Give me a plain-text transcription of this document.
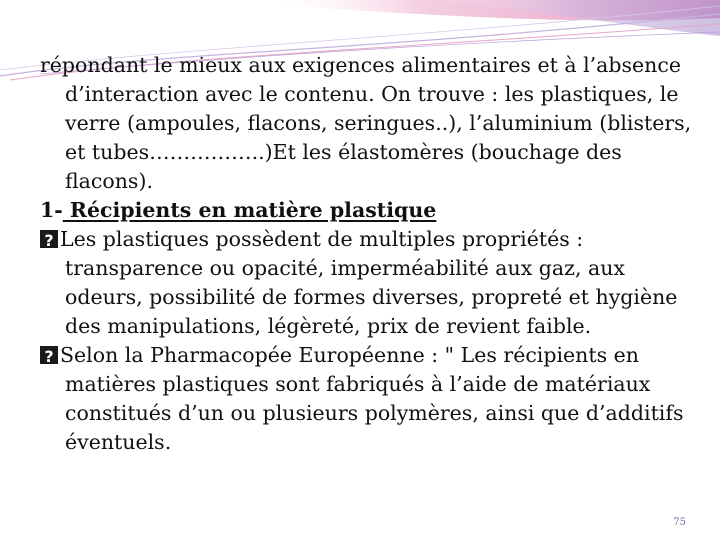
répondant le mieux aux exigences alimentaires et à l’absence d’interaction avec le contenu. On trouve : les plastiques, le verre (ampoules, flacons, seringues..), l’aluminium (blisters, et tubes……………..)Et les élastomères (bouchage des flacons).

1- Récipients en matière plastique

?Les plastiques possèdent de multiples propriétés : transparence ou opacité, imperméabilité aux gaz, aux odeurs, possibilité de formes diverses, propreté et hygiène des manipulations, légèreté, prix de revient faible.

?Selon la Pharmacopée Européenne : " Les récipients en matières plastiques sont fabriqués à l’aide de matériaux constitués d’un ou plusieurs polymères, ainsi que d’additifs éventuels.

75
